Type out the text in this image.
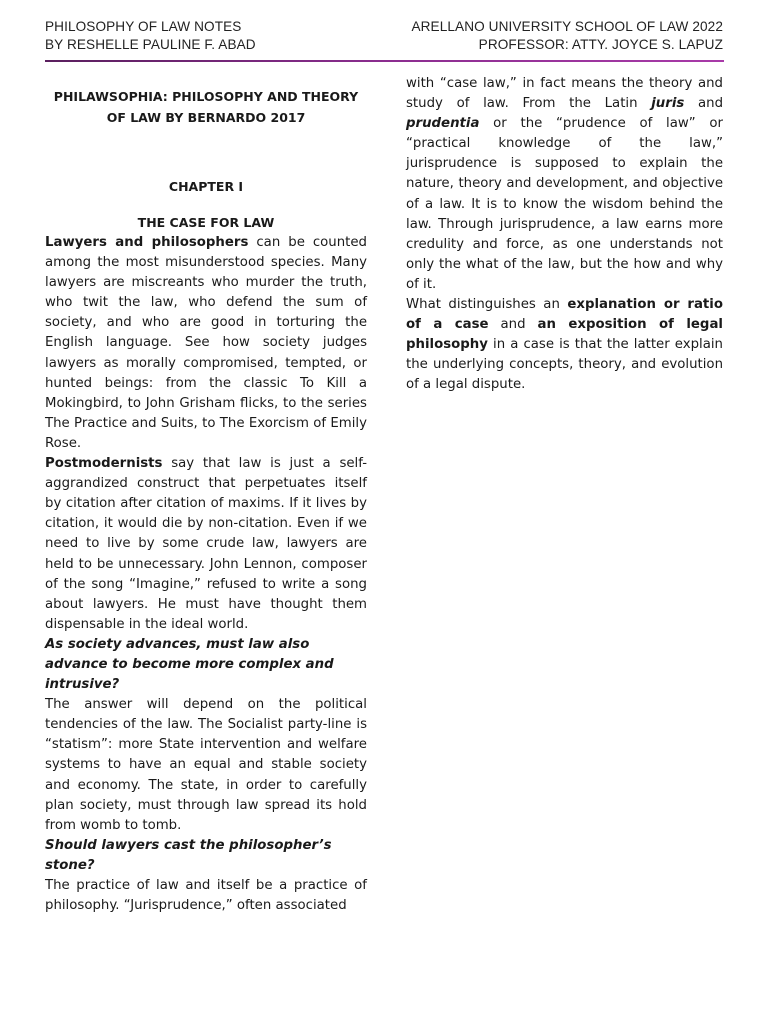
PHILOSOPHY OF LAW NOTES
BY RESHELLE PAULINE F. ABAD
ARELLANO UNIVERSITY SCHOOL OF LAW 2022
PROFESSOR: ATTY. JOYCE S. LAPUZ

PHILAWSOPHIA: PHILOSOPHY AND THEORY OF LAW BY BERNARDO 2017

CHAPTER I

THE CASE FOR LAW

Lawyers and philosophers can be counted among the most misunderstood species. Many lawyers are miscreants who murder the truth, who twit the law, who defend the sum of society, and who are good in torturing the English language. See how society judges lawyers as morally compromised, tempted, or hunted beings: from the classic To Kill a Mokingbird, to John Grisham flicks, to the series The Practice and Suits, to The Exorcism of Emily Rose.

Postmodernists say that law is just a self-aggrandized construct that perpetuates itself by citation after citation of maxims. If it lives by citation, it would die by non-citation. Even if we need to live by some crude law, lawyers are held to be unnecessary. John Lennon, composer of the song “Imagine,” refused to write a song about lawyers. He must have thought them dispensable in the ideal world.

As society advances, must law also advance to become more complex and intrusive?

The answer will depend on the political tendencies of the law. The Socialist party-line is “statism”: more State intervention and welfare systems to have an equal and stable society and economy. The state, in order to carefully plan society, must through law spread its hold from womb to tomb.

Should lawyers cast the philosopher’s stone?

The practice of law and itself be a practice of philosophy. “Jurisprudence,” often associated

with “case law,” in fact means the theory and study of law. From the Latin juris and prudentia or the “prudence of law” or “practical knowledge of the law,” jurisprudence is supposed to explain the nature, theory and development, and objective of a law. It is to know the wisdom behind the law. Through jurisprudence, a law earns more credulity and force, as one understands not only the what of the law, but the how and why of it.

What distinguishes an explanation or ratio of a case and an exposition of legal philosophy in a case is that the latter explain the underlying concepts, theory, and evolution of a legal dispute.
